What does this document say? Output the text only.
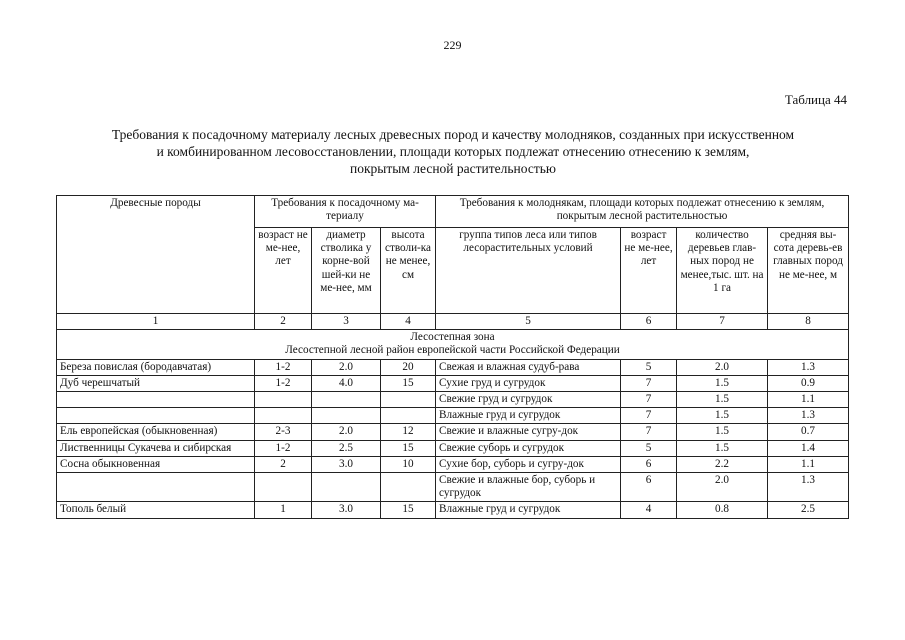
229
Таблица 44
Требования к посадочному материалу лесных древесных пород и качеству молодняков, созданных при искусственном
и комбинированном лесовосстановлении, площади которых подлежат отнесению отнесению к землям,
покрытым лесной растительностью
Древесные породы	Требования к посадочному ма-териалу			Требования к молоднякам, площади которых подлежат отнесению к землям, покрытым лесной растительностью			
	возраст не ме-нее, лет	диаметр стволика у корне-вой шей-ки не ме-нее, мм	высота стволи-ка не менее, см	группа типов леса или типов лесорастительных условий	возраст не ме-нее, лет	количество деревьев глав-ных пород не менее,тыс. шт. на 1 га	средняя вы-сота деревь-ев главных пород не ме-нее, м
1	2	3	4	5	6	7	8

Лесостепная зона
Лесостепной лесной район европейской части Российской Федерации							

Береза повислая (бородавчатая)	1-2	2.0	20	Свежая и влажная судуб-рава	5	2.0	1.3
Дуб черешчатый	1-2	4.0	15	Сухие груд и сугрудок	7	1.5	0.9
				Свежие груд и сугрудок	7	1.5	1.1
				Влажные груд и сугрудок	7	1.5	1.3
Ель европейская (обыкновенная)	2-3	2.0	12	Свежие и влажные сугру-док	7	1.5	0.7
Лиственницы Сукачева и сибирская	1-2	2.5	15	Свежие суборь и сугрудок	5	1.5	1.4
Сосна обыкновенная	2	3.0	10	Сухие бор, суборь и сугру-док	6	2.2	1.1
				Свежие и влажные бор, суборь и сугрудок	6	2.0	1.3
Тополь белый	1	3.0	15	Влажные груд и сугрудок	4	0.8	2.5
